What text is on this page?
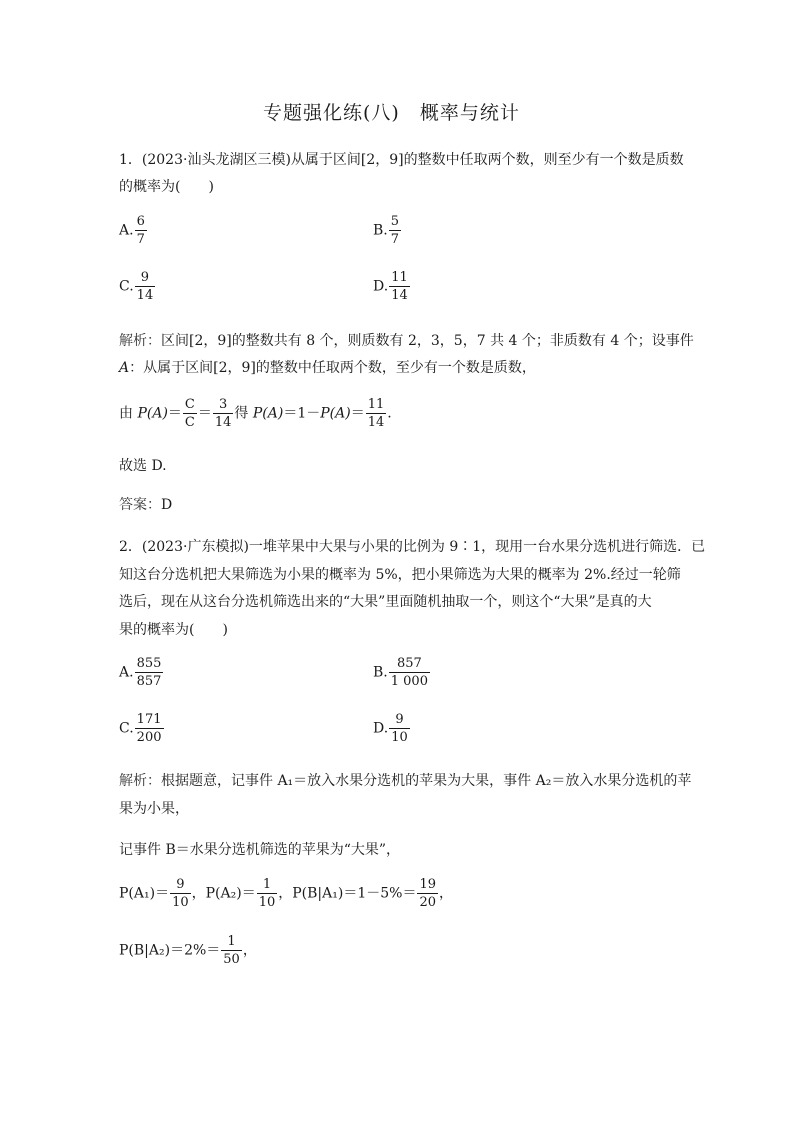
专题强化练(八)　概率与统计
1．(2023·汕头龙湖区三模)从属于区间[2，9]的整数中任取两个数，则至少有一个数是质数
的概率为(　　)
A. $\frac{6}{7}$	B. $\frac{5}{7}$
C. $\frac{9}{14}$	D. $\frac{11}{14}$
解析：区间[2，9]的整数共有 8 个，则质数有 2，3，5，7 共 4 个；非质数有 4 个；设事件
A：从属于区间[2，9]的整数中任取两个数，至少有一个数是质数，
由 $P(A)= \frac{C}{C} = \frac{3}{14}$ 得 $P(A)=1-P(A)= \frac{11}{14}$ .
故选 D.
答案：D
2．(2023·广东模拟)一堆苹果中大果与小果的比例为 9∶1，现用一台水果分选机进行筛选．已
知这台分选机把大果筛选为小果的概率为 5%，把小果筛选为大果的概率为 2%.经过一轮筛
选后，现在从这台分选机筛选出来的“大果”里面随机抽取一个，则这个“大果”是真的大
果的概率为(　　)
A. $\frac{855}{857}$	B. $\frac{857}{1 000}$
C. $\frac{171}{200}$	D. $\frac{9}{10}$
解析：根据题意，记事件 A₁＝放入水果分选机的苹果为大果，事件 A₂＝放入水果分选机的苹
果为小果，
记事件 B＝水果分选机筛选的苹果为“大果”，
$P(A_1)= \frac{9}{10}$ ，$P(A_2)= \frac{1}{10}$ ，$P(B|A_1)=1-5\%= \frac{19}{20}$ ，
$P(B|A_2)=2\%= \frac{1}{50}$ ，
